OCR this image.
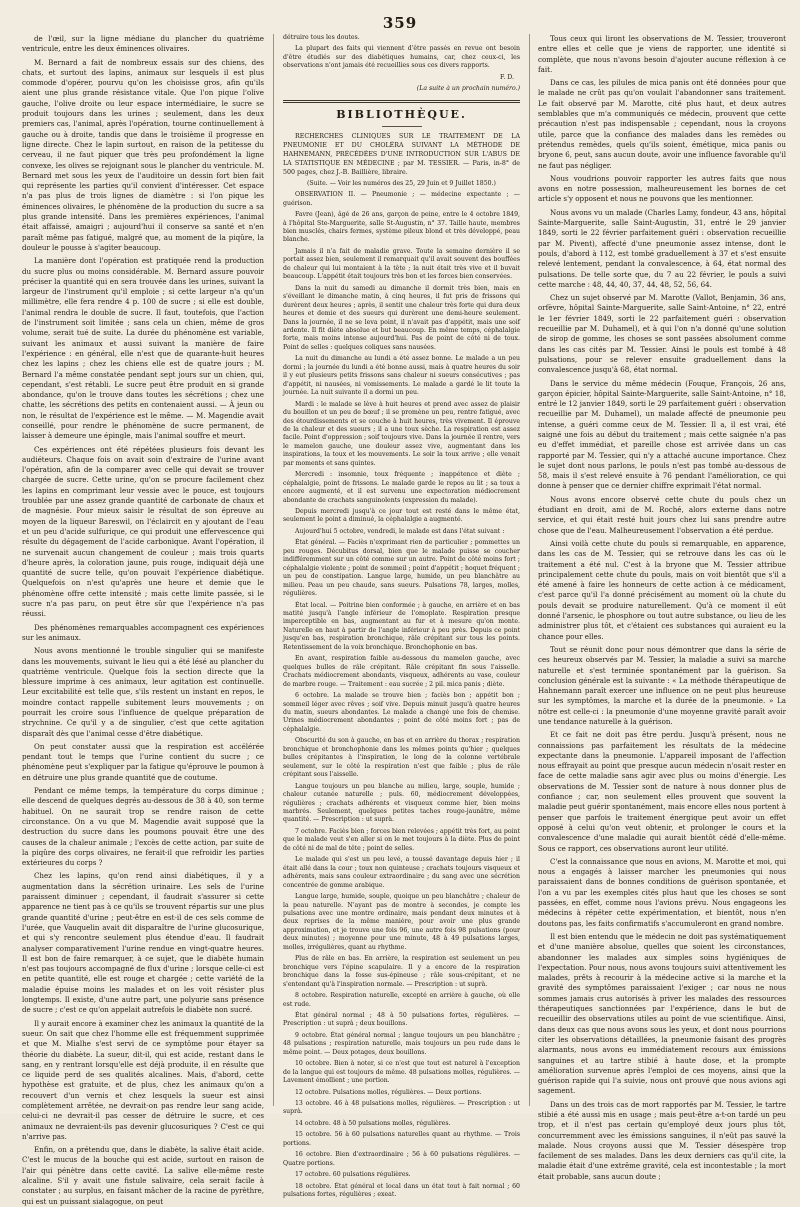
359

de l'œil, sur la ligne médiane du plancher du quatrième ventricule, entre les deux éminences olivaires.

M. Bernard a fait de nombreux essais sur des chiens, des chats, et surtout des lapins, animaux sur lesquels il est plus commode d'opérer, pourvu qu'on les choisisse gros, afin qu'ils aient une plus grande résistance vitale. Que l'on pique l'olive gauche, l'olive droite ou leur espace intermédiaire, le sucre se produit toujours dans les urines ; seulement, dans les deux premiers cas, l'animal, après l'opération, tourne continuellement à gauche ou à droite, tandis que dans le troisième il progresse en ligne directe. Chez le lapin surtout, en raison de la petitesse du cerveau, il ne faut piquer que très peu profondément la ligne convexe, les olives se rejoignant sous le plancher du ventricule. M. Bernard met sous les yeux de l'auditoire un dessin fort bien fait qui représente les parties qu'il convient d'intéresser. Cet espace n'a pas plus de trois lignes de diamètre : si l'on pique les éminences olivaires, le phénomène de la production du sucre a sa plus grande intensité. Dans les premières expériences, l'animal était affaissé, amaigri ; aujourd'hui il conserve sa santé et n'en paraît même pas fatigué, malgré que, au moment de la piqûre, la douleur le pousse à s'agiter beaucoup.

La manière dont l'opération est pratiquée rend la production du sucre plus ou moins considérable. M. Bernard assure pouvoir préciser la quantité qui en sera trouvée dans les urines, suivant la largeur de l'instrument qu'il emploie ; si cette largeur n'a qu'un millimètre, elle fera rendre 4 p. 100 de sucre ; si elle est double, l'animal rendra le double de sucre. Il faut, toutefois, que l'action de l'instrument soit limitée ; sans cela un chien, même de gros volume, serait tué de suite. La durée du phénomène est variable, suivant les animaux et aussi suivant la manière de faire l'expérience : en général, elle n'est que de quarante-huit heures chez les lapins ; chez les chiens elle est de quatre jours ; M. Bernard l'a même constatée pendant sept jours sur un chien, qui, cependant, s'est rétabli. Le sucre peut être produit en si grande abondance, qu'on le trouve dans toutes les sécrétions ; chez une chatte, les sécrétions des petits en contenaient aussi. — À jeun ou non, le résultat de l'expérience est le même. — M. Magendie avait conseillé, pour rendre le phénomène de sucre permanent, de laisser à demeure une épingle, mais l'animal souffre et meurt.

Ces expériences ont été répétées plusieurs fois devant les audiéteurs. Chaque fois on avait soin d'extraire de l'urine avant l'opération, afin de la comparer avec celle qui devait se trouver chargée de sucre. Cette urine, qu'on se procure facilement chez les lapins en comprimant leur vessie avec le pouce, est toujours troublée par une assez grande quantité de carbonate de chaux et de magnésie. Pour mieux saisir le résultat de son épreuve au moyen de la liqueur Bareswil, on l'éclaircit en y ajoutant de l'eau et un peu d'acide sulfurique, ce qui produit une effervescence qui résulte du dégagement de l'acide carbonique. Avant l'opération, il ne survenait aucun changement de couleur ; mais trois quarts d'heure après, la coloration jaune, puis rouge, indiquait déjà une quantité de sucre telle, qu'on pouvait l'expérience diabétique. Quelquefois on n'est qu'après une heure et demie que le phénomène offre cette intensité ; mais cette limite passée, si le sucre n'a pas paru, on peut être sûr que l'expérience n'a pas réussi.

Des phénomènes remarquables accompagnent ces expériences sur les animaux.

Nous avons mentionné le trouble singulier qui se manifeste dans les mouvements, suivant le lieu qui a été lésé au plancher du quatrième ventricule. Quelque fois la section directe que la blessure imprime à ces animaux, leur agitation est continuelle. Leur excitabilité est telle que, s'ils restent un instant en repos, le moindre contact rappelle subitement leurs mouvements ; on pourrait les croire sous l'influence de quelque préparation de strychnine. Ce qu'il y a de singulier, c'est que cette agitation disparaît dès que l'animal cesse d'être diabétique.

On peut constater aussi que la respiration est accélérée pendant tout le temps que l'urine contient du sucre ; ce phénomène peut s'expliquer par la fatigue qu'éprouve le poumon à en détruire une plus grande quantité que de coutume.

Pendant ce même temps, la température du corps diminue ; elle descend de quelques degrés au-dessous de 38 à 40, son terme habituel. On ne saurait trop se rendre raison de cette circonstance. On a vu que M. Magendie avait supposé que la destruction du sucre dans les poumons pouvait être une des causes de la chaleur animale ; l'excès de cette action, par suite de la piqûre des corps olivaires, ne ferait-il que refroidir les parties extérieures du corps ?

Chez les lapins, qu'on rend ainsi diabétiques, il y a augmentation dans la sécrétion urinaire. Les sels de l'urine paraissent diminuer ; cependant, il faudrait s'assurer si cette apparence ne tient pas à ce qu'ils se trouvent répartis sur une plus grande quantité d'urine ; peut-être en est-il de ces sels comme de l'urée, que Vauquelin avait dit disparaître de l'urine glucosurique, et qui s'y rencontre seulement plus étendue d'eau. Il faudrait analyser comparativement l'urine rendue en vingt-quatre heures. Il est bon de faire remarquer, à ce sujet, que le diabète humain n'est pas toujours accompagné de flux d'urine ; lorsque celle-ci est en petite quantité, elle est rouge et chargée ; cette variété de la maladie épuise moins les malades et on les voit résister plus longtemps. Il existe, d'une autre part, une polyurie sans présence de sucre ; c'est ce qu'on appelait autrefois le diabète non sucré.

Il y aurait encore à examiner chez les animaux la quantité de la sueur. On sait que chez l'homme elle est fréquemment supprimée et que M. Mialhe s'est servi de ce symptôme pour étayer sa théorie du diabète. La sueur, dit-il, qui est acide, restant dans le sang, en y rentrant lorsqu'elle est déjà produite, il en résulte que ce liquide perd de ses qualités alcalines. Mais, d'abord, cette hypothèse est gratuite, et de plus, chez les animaux qu'on a recouvert d'un vernis et chez lesquels la sueur est ainsi complètement arrêtée, ne devrait-on pas rendre leur sang acide, celui-ci ne devrait-il pas cesser de détruire le sucre, et ces animaux ne devraient-ils pas devenir glucosuriques ? C'est ce qui n'arrive pas.

Enfin, on a prétendu que, dans le diabète, la salive était acide. C'est le mucus de la bouche qui est acide, surtout en raison de l'air qui pénètre dans cette cavité. La salive elle-même reste alcaline. S'il y avait une fistule salivaire, cela serait facile à constater ; au surplus, en faisant mâcher de la racine de pyrèthre, qui est un puissant sialagogue, on peut

détruire tous les doutes.

La plupart des faits qui viennent d'être passés en revue ont besoin d'être étudiés sur des diabétiques humains, car, chez ceux-ci, les observations n'ont jamais été recueillies sous ces divers rapports.

F. D.

(La suite à un prochain numéro.)

BIBLIOTHÈQUE.

RECHERCHES CLINIQUES SUR LE TRAITEMENT DE LA PNEUMONIE ET DU CHOLÉRA SUIVANT LA MÉTHODE DE HAHNEMANN, PRÉCÉDÉES D'UNE INTRODUCTION SUR L'ABUS DE LA STATISTIQUE EN MÉDECINE ; par M. TESSIER. — Paris, in-8° de 500 pages, chez J.-B. Baillière, libraire.

(Suite. — Voir les numéros des 25, 29 Juin et 9 Juillet 1850.)

OBSERVATION II. — Pneumonie ; — médecine expectante ; — guérison.

Favre (Jean), âgé de 26 ans, garçon de peine, entre le 4 octobre 1849, à l'hôpital Ste-Marguerite, salle St-Augustin, n° 37. Taille haute, membres bien musclés, chairs fermes, système pileux blond et très développé, peau blanche.

Jamais il n'a fait de maladie grave. Toute la semaine dernière il se portait assez bien, seulement il remarquait qu'il avait souvent des bouffées de chaleur qui lui montaient à la tête ; la nuit était très vive et il buvait beaucoup. L'appétit était toujours très bon et les forces bien conservées.

Dans la nuit du samedi au dimanche il dormit très bien, mais en s'éveillant le dimanche matin, à cinq heures, il fut pris de frissons qui durèrent deux heures ; après, il sentit une chaleur très forte qui dura deux heures et demie et des sueurs qui durèrent une demi-heure seulement. Dans la journée, il ne se leva point, il n'avait pas d'appétit, mais une soif ardente. Il fit diète absolue et but beaucoup. En même temps, céphalalgie forte, mais moins intense aujourd'hui. Pas de point de côté ni de toux. Point de selles : quelques coliques sans nausées.

La nuit du dimanche au lundi a été assez bonne. Le malade a un peu dormi ; la journée du lundi a été bonne aussi, mais à quatre heures du soir il y eut plusieurs petits frissons sans chaleur ni sueurs consécutives ; pas d'appétit, ni nausées, ni vomissements. Le malade a gardé le lit toute la journée. La nuit suivante il a dormi un peu.

Mardi : le malade se lève à huit heures et prend avec assez de plaisir du bouillon et un peu de bœuf ; il se promène un peu, rentre fatigué, avec des étourdissements et se couche à huit heures, très vivement. Il éprouve de la chaleur et des sueurs ; il a une toux sèche. La respiration est assez facile. Point d'oppression ; soif toujours vive. Dans la journée il rentre, vers le mamelon gauche, une douleur assez vive, augmentant dans les inspirations, la toux et les mouvements. Le soir la toux arrive ; elle venait par moments et sans quintes.

Mercredi : insomnie, toux fréquente ; inappétence et diète ; céphalalgie, point de frissons. Le malade garde le repos au lit ; sa toux a encore augmenté, et il est survenu une expectoration médiocrement abondante de crachats sanguinolents (expression du malade).

Depuis mercredi jusqu'à ce jour tout est resté dans le même état, seulement le point a diminué, la céphalalgie a augmenté.

Aujourd'hui 5 octobre, vendredi, le malade est dans l'état suivant :

État général. — Faciès n'exprimant rien de particulier ; pommettes un peu rouges. Décubitus dorsal, bien que le malade puisse se coucher indifféremment sur un côté comme sur un autre. Point de côté moins fort ; céphalalgie violente ; point de sommeil ; point d'appétit ; hoquet fréquent ; un peu de constipation. Langue large, humide, un peu blanchâtre au milieu. Peau un peu chaude, sans sueurs. Pulsations 78, larges, molles, régulières.

État local. — Poitrine bien conformée ; à gauche, en arrière et en bas matité jusqu'à l'angle inférieur de l'omoplate. Respiration presque imperceptible en bas, augmentant au fur et à mesure qu'on monte. Naturelle en haut à partir de l'angle inférieur à peu près. Depuis ce point jusqu'en bas, respiration bronchique, râle crépitant sur tous les points. Retentissement de la voix bronchique. Bronchophonie en bas.

En avant, respiration faible au-dessous du mamelon gauche, avec quelques bulles de râle crépitant. Râle crépitant fin sous l'aisselle. Crachats médiocrement abondants, visqueux, adhérents au vase, couleur de marbre rouge. — Traitement : eau sucrée ; 2 pil. mica panis ; diète.

6 octobre. La malade se trouve bien ; faciès bon ; appétit bon ; sommeil léger avec rêves ; soif vive. Depuis minuit jusqu'à quatre heures du matin, sueurs abondantes. Le malade a changé une fois de chemise. Urines médiocrement abondantes ; point de côté moins fort ; pas de céphalalgie.

Obscurité du son à gauche, en bas et en arrière du thorax ; respiration bronchique et bronchophonie dans les mêmes points qu'hier ; quelques bulles crépitantes à l'inspiration, le long de la colonne vertébrale seulement, sur le côté la respiration n'est que faible ; plus de râle crépitant sous l'aisselle.

Langue toujours un peu blanche au milieu, large, souple, humide ; chaleur cutanée naturelle ; puls. 60, médiocrement développées, régulières ; crachats adhérents et visqueux comme hier, bien moins marbrés. Seulement, quelques petites taches rouge-jaunâtre, même quantité. — Prescription : ut suprà.

7 octobre. Faciès bien ; forces bien relevées ; appétit très fort, au point que le malade veut s'en aller si on le met toujours à la diète. Plus de point de côté ni de mal de tête ; point de selles.

Le malade qui s'est un peu levé, a toussé davantage depuis hier ; il était allé dans la cour ; toux non quinteuse ; crachats toujours visqueux et adhérents, mais sans couleur extraordinaire ; du sang avec une sécrétion concentrée de gomme arabique.

Langue large, humide, souple, quoique un peu blanchâtre ; chaleur de la peau naturelle. N'ayant pas de montre à secondes, je compte les pulsations avec une montre ordinaire, mais pendant deux minutes et à deux reprises de la même manière, pour avoir une plus grande approximation, et je trouve une fois 96, une autre fois 98 pulsations (pour deux minutes) ; moyenne pour une minute, 48 à 49 pulsations larges, molles, irrégulières, quant au rhythme.

Plus de râle en bas. En arrière, la respiration est seulement un peu bronchique vers l'épine scapulaire. Il y a encore de la respiration bronchique dans la fosse sus-épineuse ; râle sous-crépitant, et ne s'entendant qu'à l'inspiration normale. — Prescription : ut suprà.

8 octobre. Respiration naturelle, excepté en arrière à gauche, où elle est rude.

État général normal ; 48 à 50 pulsations fortes, régulières. — Prescription : ut suprà ; deux bouillons.

9 octobre. État général normal ; langue toujours un peu blanchâtre ; 48 pulsations ; respiration naturelle, mais toujours un peu rude dans le même point. — Deux potages, deux bouillons.

10 octobre. Bien à noter, si ce n'est que tout est naturel à l'exception de la langue qui est toujours de même. 48 pulsations molles, régulières. — Lavement émollient ; une portion.

12 octobre. Pulsations molles, régulières. — Deux portions.

13 octobre. 46 à 48 pulsations molles, régulières. — Prescription : ut suprà.

14 octobre. 48 à 50 pulsations molles, régulières.

15 octobre. 56 à 60 pulsations naturelles quant au rhythme. — Trois portions.

16 octobre. Bien d'extraordinaire ; 56 à 60 pulsations régulières. — Quatre portions.

17 octobre. 60 pulsations régulières.

18 octobre. État général et local dans un état tout à fait normal ; 60 pulsations fortes, régulières ; exeat.

Tous ceux qui liront les observations de M. Tessier, trouveront entre elles et celle que je viens de rapporter, une identité si complète, que nous n'avons besoin d'ajouter aucune réflexion à ce fait.

Dans ce cas, les pilules de mica panis ont été données pour que le malade ne crût pas qu'on voulait l'abandonner sans traitement. Le fait observé par M. Marotte, cité plus haut, et deux autres semblables que m'a communiqués ce médecin, prouvent que cette précaution n'est pas indispensable ; cependant, nous la croyons utile, parce que la confiance des malades dans les remèdes ou prétendus remèdes, quels qu'ils soient, émétique, mica panis ou bryone 6, peut, sans aucun doute, avoir une influence favorable qu'il ne faut pas négliger.

Nous voudrions pouvoir rapporter les autres faits que nous avons en notre possession, malheureusement les bornes de cet article s'y opposent et nous ne pouvons que les mentionner.

Nous avons vu un malade (Charles Lamy, fondeur, 43 ans, hôpital Sainte-Marguerite, salle Saint-Augustin, 31, entré le 29 janvier 1849, sorti le 22 février parfaitement guéri : observation recueillie par M. Pivent), affecté d'une pneumonie assez intense, dont le pouls, d'abord à 112, est tombé graduellement à 37 et s'est ensuite relevé lentement, pendant la convalescence, à 64, état normal des pulsations. De telle sorte que, du 7 au 22 février, le pouls a suivi cette marche : 48, 44, 40, 37, 44, 48, 52, 56, 64.

Chez un sujet observé par M. Marotte (Vallot, Benjamin, 36 ans, orfèvre, hôpital Sainte-Marguerite, salle Saint-Antoine, n° 22, entré le 1er février 1849, sorti le 22 parfaitement guéri : observation recueillie par M. Duhamel), et à qui l'on n'a donné qu'une solution de sirop de gomme, les choses se sont passées absolument comme dans les cas cités par M. Tessier. Ainsi le pouls est tombé à 48 pulsations, pour se relever ensuite graduellement dans la convalescence jusqu'à 68, état normal.

Dans le service du même médecin (Fouque, François, 26 ans, garçon épicier, hôpital Sainte-Marguerite, salle Saint-Antoine, n° 18, entré le 12 janvier 1849, sorti le 29 parfaitement guéri : observation recueillie par M. Duhamel), un malade affecté de pneumonie peu intense, a guéri comme ceux de M. Tessier. Il a, il est vrai, été saigné une fois au début du traitement ; mais cette saignée n'a pas eu d'effet immédiat, et pareille chose est arrivée dans un cas rapporté par M. Tessier, qui n'y a attaché aucune importance. Chez le sujet dont nous parlons, le pouls n'est pas tombé au-dessous de 58, mais il s'est relevé ensuite à 76 pendant l'amélioration, ce qui donne à penser que ce dernier chiffre exprimait l'état normal.

Nous avons encore observé cette chute du pouls chez un étudiant en droit, ami de M. Roché, alors externe dans notre service, et qui était resté huit jours chez lui sans prendre autre chose que de l'eau. Malheureusement l'observation a été perdue.

Ainsi voilà cette chute du pouls si remarquable, en apparence, dans les cas de M. Tessier, qui se retrouve dans les cas où le traitement a été nul. C'est à la bryone que M. Tessier attribue principalement cette chute du pouls, mais on voit bientôt que s'il a été amené à faire les honneurs de cette action à ce médicament, c'est parce qu'il l'a donné précisément au moment où la chute du pouls devait se produire naturellement. Qu'à ce moment il eût donné l'arsenic, le phosphore ou tout autre substance, ou lieu de les administrer plus tôt, et c'étaient ces substances qui auraient eu la chance pour elles.

Tout se réunit donc pour nous démontrer que dans la série de ces heureux observés par M. Tessier, la maladie a suivi sa marche naturelle et s'est terminée spontanément par la guérison. Sa conclusion générale est la suivante : « La méthode thérapeutique de Hahnemann paraît exercer une influence on ne peut plus heureuse sur les symptômes, la marche et la durée de la pneumonie. » La nôtre est celle-ci : la pneumonie d'une moyenne gravité paraît avoir une tendance naturelle à la guérison.

Et ce fait ne doit pas être perdu. Jusqu'à présent, nous ne connaissions pas parfaitement les résultats de la médecine expectante dans la pneumonie. L'appareil imposant de l'affection nous effrayait au point que presque aucun médecin n'osait rester en face de cette maladie sans agir avec plus ou moins d'énergie. Les observations de M. Tessier sont de nature à nous donner plus de confiance ; car, non seulement elles prouvent que souvent la maladie peut guérir spontanément, mais encore elles nous portent à penser que parfois le traitement énergique peut avoir un effet opposé à celui qu'on veut obtenir, et prolonger le cours et la convalescence d'une maladie qui aurait bientôt cédé d'elle-même. Sous ce rapport, ces observations auront leur utilité.

C'est la connaissance que nous en avions, M. Marotte et moi, qui nous a engagés à laisser marcher les pneumonies qui nous paraissaient dans de bonnes conditions de guérison spontanée, et l'on a vu par les exemples cités plus haut que les choses se sont passées, en effet, comme nous l'avions prévu. Nous engageons les médecins à répéter cette expérimentation, et bientôt, nous n'en doutons pas, les faits confirmatifs s'accumuleront en grand nombre.

Il est bien entendu que le médecin ne doit pas systématiquement et d'une manière absolue, quelles que soient les circonstances, abandonner les malades aux simples soins hygiéniques de l'expectation. Pour nous, nous avons toujours suivi attentivement les malades, prêts à recourir à la médecine active si la marche et la gravité des symptômes paraissaient l'exiger ; car nous ne nous sommes jamais crus autorisés à priver les malades des ressources thérapeutiques sanctionnées par l'expérience, dans le but de recueillir des observations utiles au point de vue scientifique. Ainsi, dans deux cas que nous avons sous les yeux, et dont nous pourrions citer les observations détaillées, la pneumonie faisant des progrès alarmants, nous avons eu immédiatement recours aux émissions sanguines et au tartre stibié à haute dose, et la prompte amélioration survenue après l'emploi de ces moyens, ainsi que la guérison rapide qui l'a suivie, nous ont prouvé que nous avions agi sagement.

Dans un des trois cas de mort rapportés par M. Tessier, le tartre stibié a été aussi mis en usage ; mais peut-être a-t-on tardé un peu trop, et il n'est pas certain qu'employé deux jours plus tôt, concurremment avec les émissions sanguines, il n'eût pas sauvé la malade. Nous croyons aussi que M. Tessier désespère trop facilement de ses malades. Dans les deux derniers cas qu'il cite, la maladie était d'une extrême gravité, cela est incontestable ; la mort était probable, sans aucun doute ;
